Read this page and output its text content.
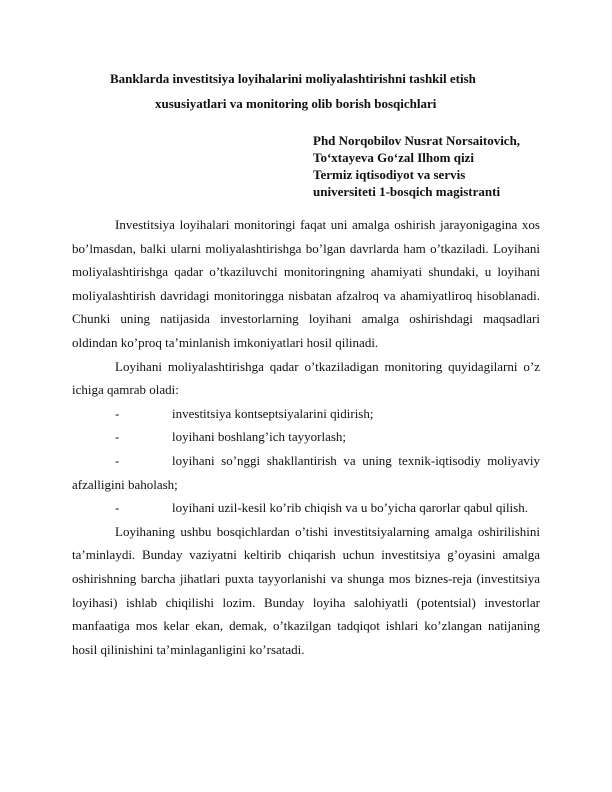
Banklarda investitsiya loyihalarini moliyalashtirishni tashkil etish
xususiyatlari va monitoring olib borish bosqichlari
Phd Norqobilov Nusrat Norsaitovich,
To‘xtayeva Go‘zal Ilhom qizi
Termiz iqtisodiyot va servis
universiteti 1-bosqich magistranti

Investitsiya loyihalari monitoringi faqat uni amalga oshirish jarayonigagina xos bo’lmasdan, balki ularni moliyalashtirishga bo’lgan davrlarda ham o’tkaziladi. Loyihani moliyalashtirishga qadar o’tkaziluvchi monitoringning ahamiyati shundaki, u loyihani moliyalashtirish davridagi monitoringga nisbatan afzalroq va ahamiyatliroq hisoblanadi. Chunki uning natijasida investorlarning loyihani amalga oshirishdagi maqsadlari oldindan ko’proq ta’minlanish imkoniyatlari hosil qilinadi.

Loyihani moliyalashtirishga qadar o’tkaziladigan monitoring quyidagilarni o’z ichiga qamrab oladi:

-	investitsiya kontseptsiyalarini qidirish;

-	loyihani boshlang’ich tayyorlash;

-	loyihani so’nggi shakllantirish va uning texnik-iqtisodiy moliyaviy afzalligini baholash;

-	loyihani uzil-kesil ko’rib chiqish va u bo’yicha qarorlar qabul qilish.

Loyihaning ushbu bosqichlardan o’tishi investitsiyalarning amalga oshirilishini ta’minlaydi. Bunday vaziyatni keltirib chiqarish uchun investitsiya g’oyasini amalga oshirishning barcha jihatlari puxta tayyorlanishi va shunga mos biznes-reja (investitsiya loyihasi) ishlab chiqilishi lozim. Bunday loyiha salohiyatli (potentsial) investorlar manfaatiga mos kelar ekan, demak, o’tkazilgan tadqiqot ishlari ko’zlangan natijaning hosil qilinishini ta’minlaganligini ko’rsatadi.
